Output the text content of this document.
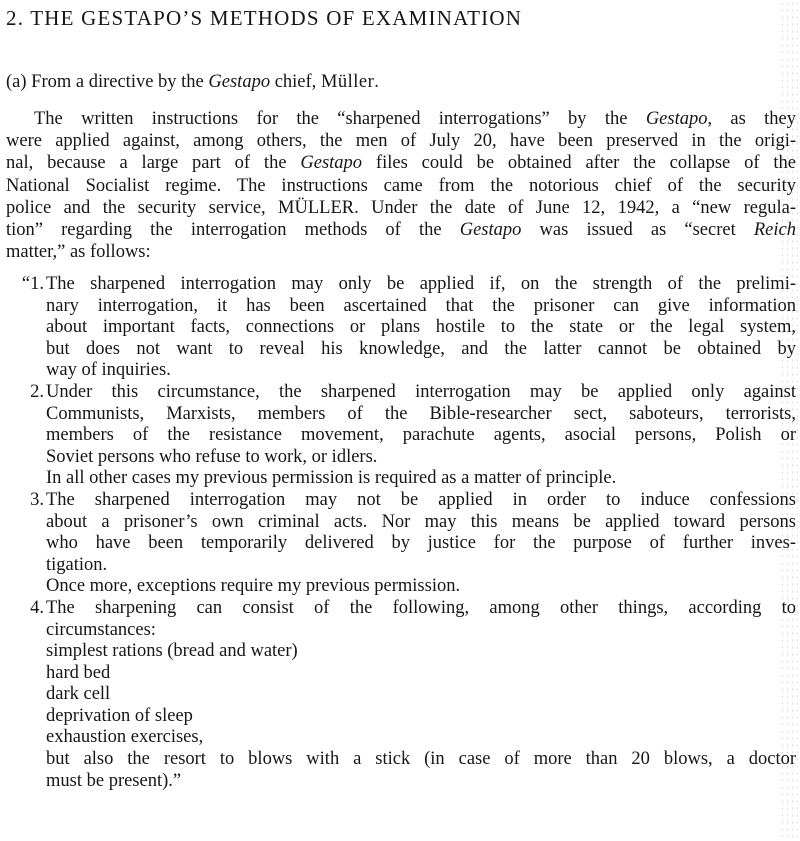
2. THE GESTAPO’S METHODS OF EXAMINATION

(a) From a directive by the Gestapo chief, Müller.

The written instructions for the “sharpened interrogations” by the Gestapo, as they
were applied against, among others, the men of July 20, have been preserved in the origi-
nal, because a large part of the Gestapo files could be obtained after the collapse of the
National Socialist regime. The instructions came from the notorious chief of the security
police and the security service, MÜLLER. Under the date of June 12, 1942, a “new regula-
tion” regarding the interrogation methods of the Gestapo was issued as “secret Reich
matter,” as follows:

“1. The sharpened interrogation may only be applied if, on the strength of the prelimi-
nary interrogation, it has been ascertained that the prisoner can give information
about important facts, connections or plans hostile to the state or the legal system,
but does not want to reveal his knowledge, and the latter cannot be obtained by
way of inquiries.
2. Under this circumstance, the sharpened interrogation may be applied only against
Communists, Marxists, members of the Bible-researcher sect, saboteurs, terrorists,
members of the resistance movement, parachute agents, asocial persons, Polish or
Soviet persons who refuse to work, or idlers.
In all other cases my previous permission is required as a matter of principle.
3. The sharpened interrogation may not be applied in order to induce confessions
about a prisoner’s own criminal acts. Nor may this means be applied toward persons
who have been temporarily delivered by justice for the purpose of further inves-
tigation.
Once more, exceptions require my previous permission.
4. The sharpening can consist of the following, among other things, according to
circumstances:
simplest rations (bread and water)
hard bed
dark cell
deprivation of sleep
exhaustion exercises,
but also the resort to blows with a stick (in case of more than 20 blows, a doctor
must be present).”
